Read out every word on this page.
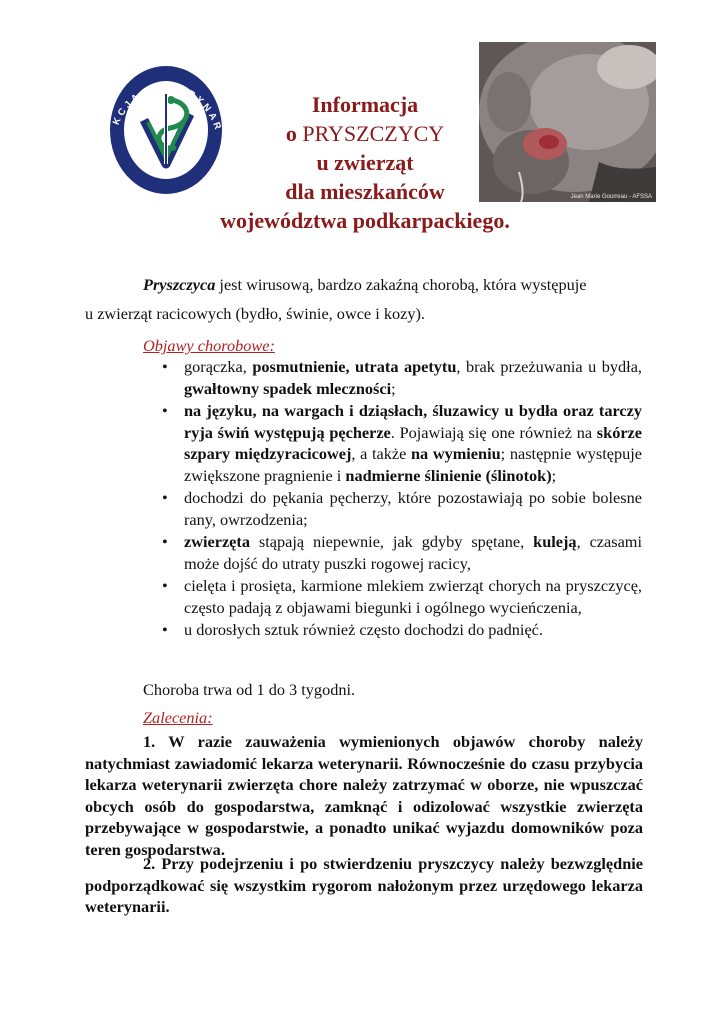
KCJA WETERYNAR
Jean Marie Gourreau - AFSSA
Informacja
o PRYSZCZYCY
u zwierząt
dla mieszkańców
województwa podkarpackiego.
Pryszczyca jest wirusową, bardzo zakaźną chorobą, która występuje
u zwierząt racicowych (bydło, świnie, owce i kozy).
Objawy chorobowe:
• gorączka, posmutnienie, utrata apetytu, brak przeżuwania u bydła, gwałtowny spadek mleczności;
• na języku, na wargach i dziąsłach, śluzawicy u bydła oraz tarczy ryja świń występują pęcherze. Pojawiają się one również na skórze szpary międzyracicowej, a także na wymieniu; następnie występuje zwiększone pragnienie i nadmierne ślinienie (ślinotok);
• dochodzi do pękania pęcherzy, które pozostawiają po sobie bolesne rany, owrzodzenia;
• zwierzęta stąpają niepewnie, jak gdyby spętane, kuleją, czasami może dojść do utraty puszki rogowej racicy,
• cielęta i prosięta, karmione mlekiem zwierząt chorych na pryszczycę, często padają z objawami biegunki i ogólnego wycieńczenia,
• u dorosłych sztuk również często dochodzi do padnięć.
Choroba trwa od 1 do 3 tygodni.
Zalecenia:
1. W razie zauważenia wymienionych objawów choroby należy natychmiast zawiadomić lekarza weterynarii. Równocześnie do czasu przybycia lekarza weterynarii zwierzęta chore należy zatrzymać w oborze, nie wpuszczać obcych osób do gospodarstwa, zamknąć i odizolować wszystkie zwierzęta przebywające w gospodarstwie, a ponadto unikać wyjazdu domowników poza teren gospodarstwa.
2. Przy podejrzeniu i po stwierdzeniu pryszczycy należy bezwzględnie podporządkować się wszystkim rygorom nałożonym przez urzędowego lekarza weterynarii.
